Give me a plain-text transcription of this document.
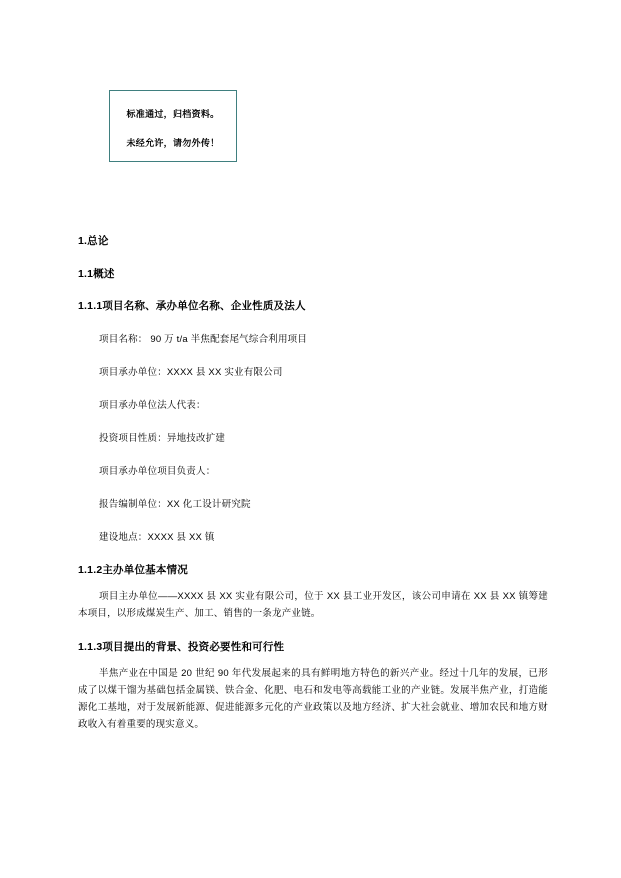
标准通过，归档资料。
未经允许，请勿外传！
1.总论
1.1概述
1.1.1项目名称、承办单位名称、企业性质及法人
项目名称： 90 万 t/a 半焦配套尾气综合利用项目
项目承办单位：XXXX 县 XX 实业有限公司
项目承办单位法人代表：
投资项目性质：异地技改扩建
项目承办单位项目负责人：
报告编制单位：XX 化工设计研究院
建设地点：XXXX 县 XX 镇
1.1.2主办单位基本情况
项目主办单位——XXXX 县 XX 实业有限公司，位于 XX 县工业开发区，该公司申请在 XX 县 XX 镇筹建本项目，以形成煤炭生产、加工、销售的一条龙产业链。
1.1.3项目提出的背景、投资必要性和可行性
半焦产业在中国是 20 世纪 90 年代发展起来的具有鲜明地方特色的新兴产业。经过十几年的发展，已形成了以煤干馏为基础包括金属镁、铁合金、化肥、电石和发电等高载能工业的产业链。发展半焦产业，打造能源化工基地，对于发展新能源、促进能源多元化的产业政策以及地方经济、扩大社会就业、增加农民和地方财政收入有着重要的现实意义。
